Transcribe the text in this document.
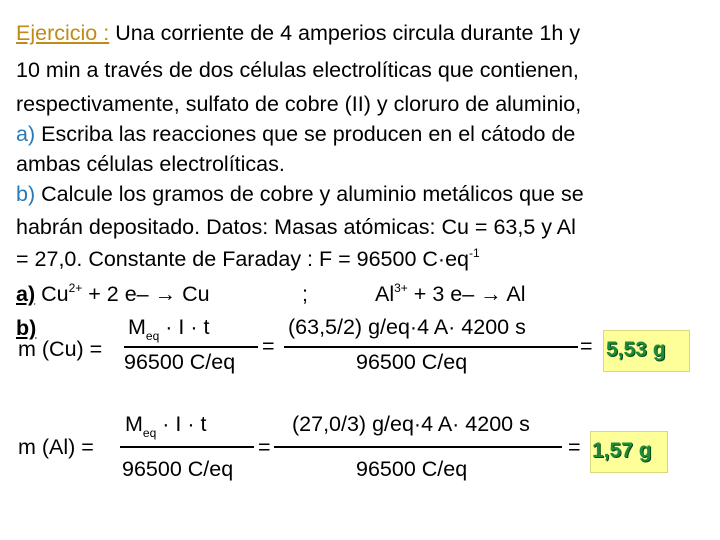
Ejercicio : Una corriente de 4 amperios circula durante 1h y
10 min a través de dos células electrolíticas que contienen,
respectivamente, sulfato de cobre (II) y cloruro de aluminio,
a) Escriba las reacciones que se producen en el cátodo de
ambas células electrolíticas.
b) Calcule los gramos de cobre y aluminio metálicos que se
habrán depositado. Datos: Masas atómicas: Cu = 63,5 y Al
= 27,0. Constante de Faraday : F = 96500 $C\cdot eq^{-1}$
a) $Cu^{2+} + 2$ e– → Cu	;	$Al^{3+} + 3$ e– → Al
b)
m (Cu) =
$M_{eq} \cdot I \cdot t$
96500 C/eq
=
(63,5/2) g/eq·4 A· 4200 s
96500 C/eq
= 5,53 g
$M_{eq} \cdot I \cdot t$
m (Al) =
96500 C/eq
=
(27,0/3) g/eq·4 A· 4200 s
96500 C/eq
= 1,57 g
